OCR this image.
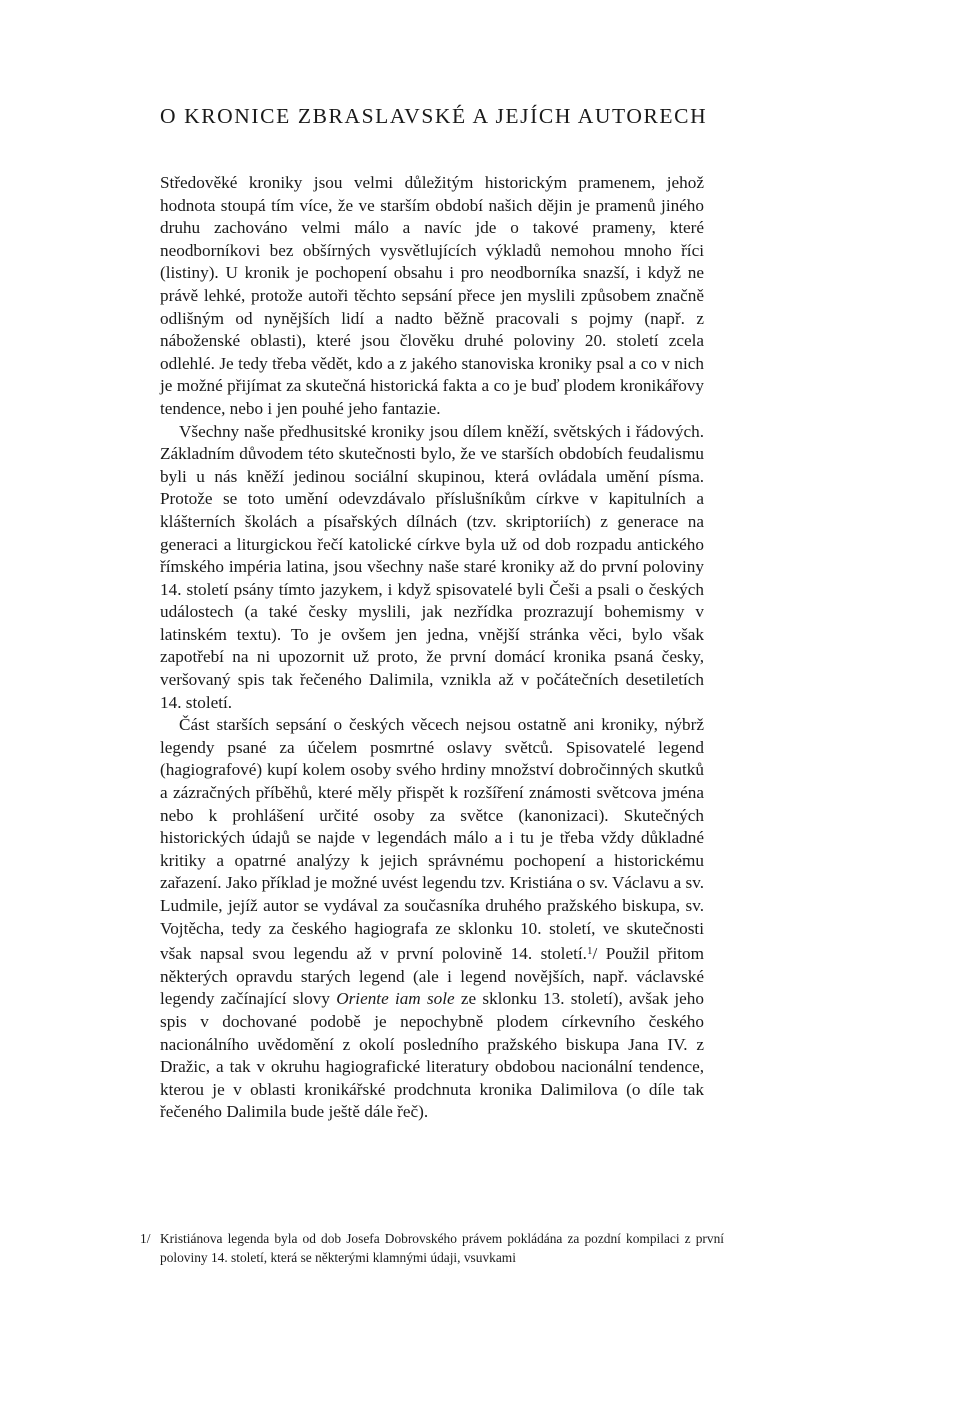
O KRONICE ZBRASLAVSKÉ A JEJÍCH AUTORECH

Středověké kroniky jsou velmi důležitým historickým pramenem, jehož hodnota stoupá tím více, že ve starším období našich dějin je pramenů jiného druhu zachováno velmi málo a navíc jde o takové prameny, které neodborníkovi bez obšírných vysvětlujících výkladů nemohou mnoho říci (listiny). U kronik je pochopení obsahu i pro neodborníka snazší, i když ne právě lehké, protože autoři těchto sepsání přece jen myslili způsobem značně odlišným od nynějších lidí a nadto běžně pracovali s pojmy (např. z náboženské oblasti), které jsou člověku druhé poloviny 20. století zcela odlehlé. Je tedy třeba vědět, kdo a z jakého stanoviska kroniky psal a co v nich je možné přijímat za skutečná historická fakta a co je buď plodem kronikářovy tendence, nebo i jen pouhé jeho fantazie.

Všechny naše předhusitské kroniky jsou dílem kněží, světských i řádových. Základním důvodem této skutečnosti bylo, že ve starších obdobích feudalismu byli u nás kněží jedinou sociální skupinou, která ovládala umění písma. Protože se toto umění odevzdávalo příslušníkům církve v kapitulních a klášterních školách a písařských dílnách (tzv. skriptoriích) z generace na generaci a liturgickou řečí katolické církve byla už od dob rozpadu antického římského impéria latina, jsou všechny naše staré kroniky až do první poloviny 14. století psány tímto jazykem, i když spisovatelé byli Češi a psali o českých událostech (a také česky myslili, jak nezřídka prozrazují bohemismy v latinském textu). To je ovšem jen jedna, vnější stránka věci, bylo však zapotřebí na ni upozornit už proto, že první domácí kronika psaná česky, veršovaný spis tak řečeného Dalimila, vznikla až v počátečních desetiletích 14. století.

Část starších sepsání o českých věcech nejsou ostatně ani kroniky, nýbrž legendy psané za účelem posmrtné oslavy světců. Spisovatelé legend (hagiografové) kupí kolem osoby svého hrdiny množství dobročinných skutků a zázračných příběhů, které měly přispět k rozšíření známosti světcova jména nebo k prohlášení určité osoby za světce (kanonizaci). Skutečných historických údajů se najde v legendách málo a i tu je třeba vždy důkladné kritiky a opatrné analýzy k jejich správnému pochopení a historickému zařazení. Jako příklad je možné uvést legendu tzv. Kristiána o sv. Václavu a sv. Ludmile, jejíž autor se vydával za současníka druhého pražského biskupa, sv. Vojtěcha, tedy za českého hagiografa ze sklonku 10. století, ve skutečnosti však napsal svou legendu až v první polovině 14. století.$^1$/ Použil přitom některých opravdu starých legend (ale i legend novějších, např. václavské legendy začínající slovy Oriente iam sole ze sklonku 13. století), avšak jeho spis v dochované podobě je nepochybně plodem církevního českého nacionálního uvědomění z okolí posledního pražského biskupa Jana IV. z Dražic, a tak v okruhu hagiografické literatury obdobou nacionální tendence, kterou je v oblasti kronikářské prodchnuta kronika Dalimilova (o díle tak řečeného Dalimila bude ještě dále řeč).

1/ Kristiánova legenda byla od dob Josefa Dobrovského právem pokládána za pozdní kompilaci z první poloviny 14. století, která se některými klamnými údaji, vsuvkami
